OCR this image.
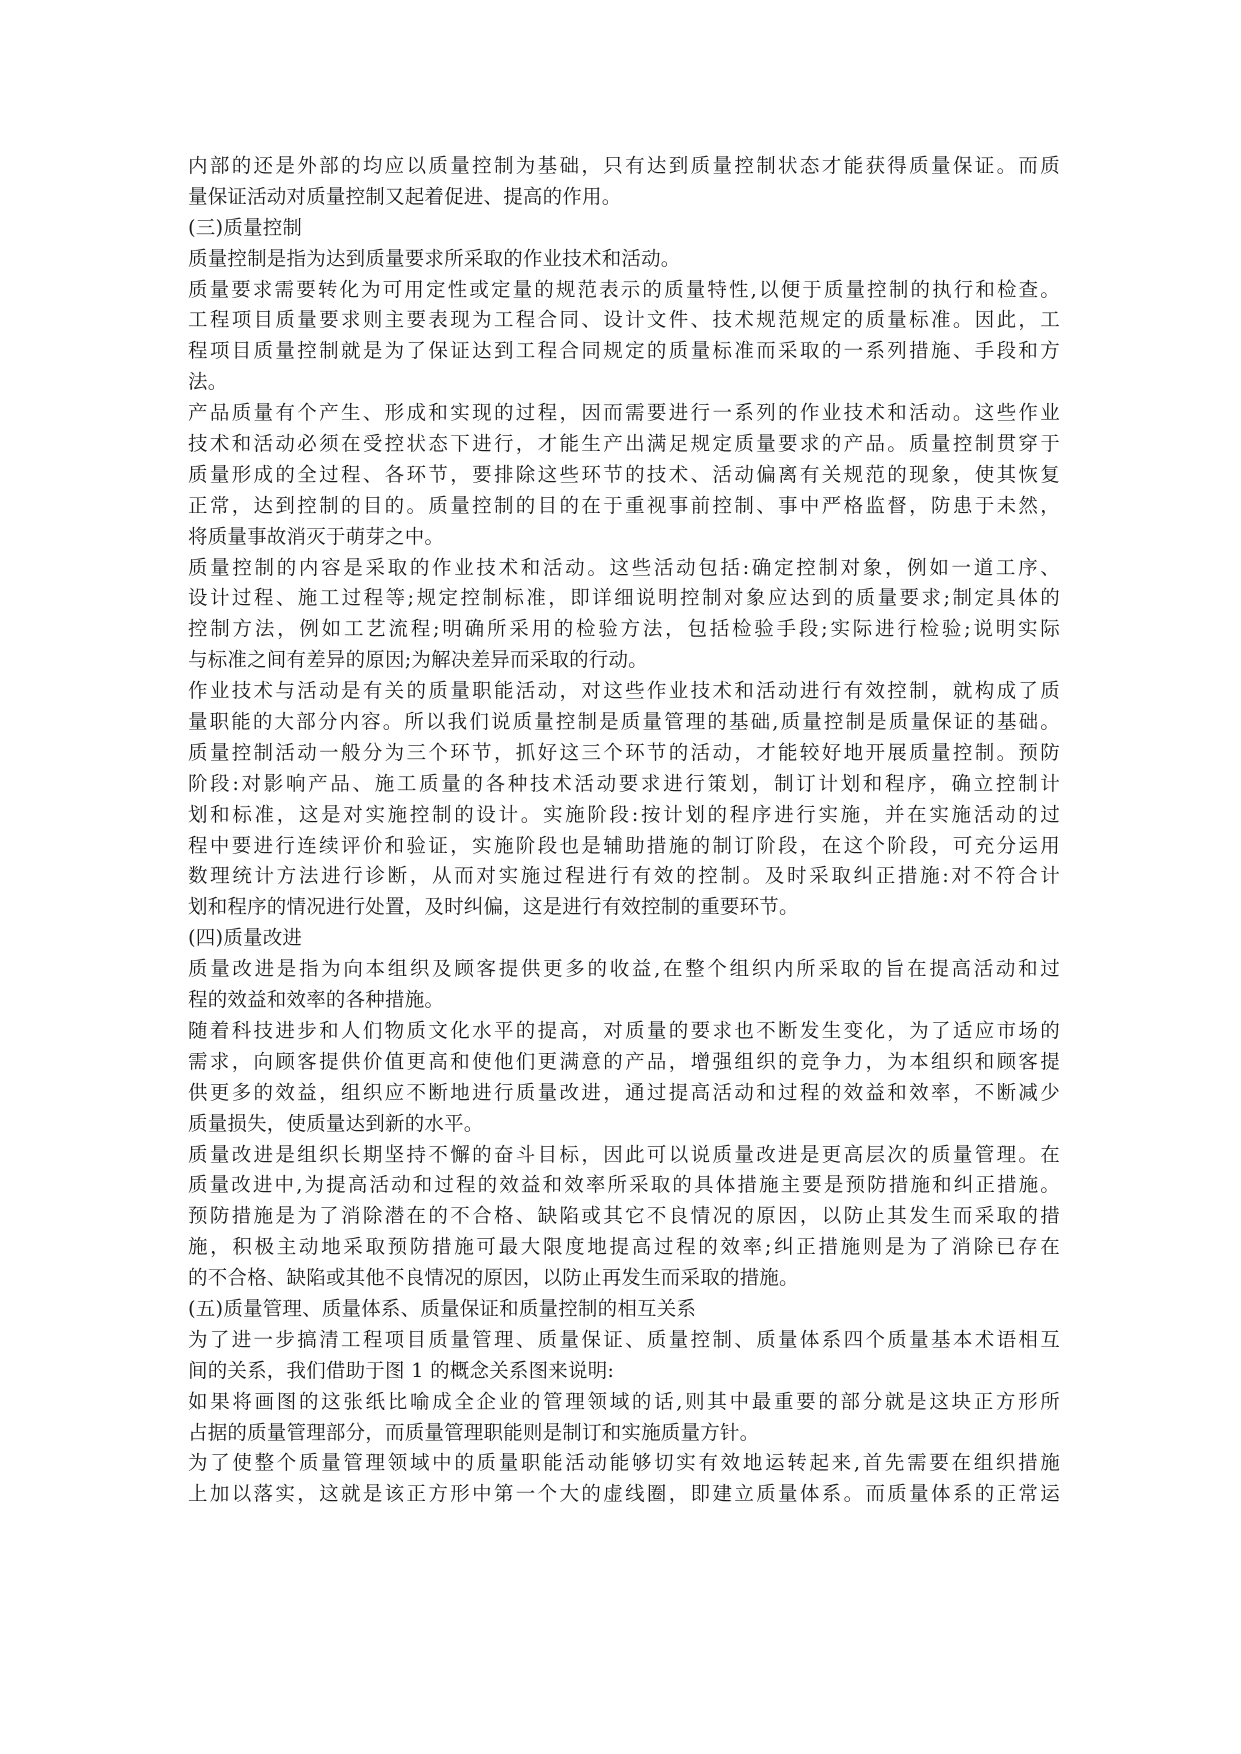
内部的还是外部的均应以质量控制为基础，只有达到质量控制状态才能获得质量保证。而质
量保证活动对质量控制又起着促进、提高的作用。
(三)质量控制
质量控制是指为达到质量要求所采取的作业技术和活动。
质量要求需要转化为可用定性或定量的规范表示的质量特性,以便于质量控制的执行和检查。
工程项目质量要求则主要表现为工程合同、设计文件、技术规范规定的质量标准。因此，工
程项目质量控制就是为了保证达到工程合同规定的质量标准而采取的一系列措施、手段和方
法。
产品质量有个产生、形成和实现的过程，因而需要进行一系列的作业技术和活动。这些作业
技术和活动必须在受控状态下进行，才能生产出满足规定质量要求的产品。质量控制贯穿于
质量形成的全过程、各环节，要排除这些环节的技术、活动偏离有关规范的现象，使其恢复
正常，达到控制的目的。质量控制的目的在于重视事前控制、事中严格监督，防患于未然，
将质量事故消灭于萌芽之中。
质量控制的内容是采取的作业技术和活动。这些活动包括:确定控制对象，例如一道工序、
设计过程、施工过程等;规定控制标准，即详细说明控制对象应达到的质量要求;制定具体的
控制方法，例如工艺流程;明确所采用的检验方法，包括检验手段;实际进行检验;说明实际
与标准之间有差异的原因;为解决差异而采取的行动。
作业技术与活动是有关的质量职能活动，对这些作业技术和活动进行有效控制，就构成了质
量职能的大部分内容。所以我们说质量控制是质量管理的基础,质量控制是质量保证的基础。
质量控制活动一般分为三个环节，抓好这三个环节的活动，才能较好地开展质量控制。预防
阶段:对影响产品、施工质量的各种技术活动要求进行策划，制订计划和程序，确立控制计
划和标准，这是对实施控制的设计。实施阶段:按计划的程序进行实施，并在实施活动的过
程中要进行连续评价和验证，实施阶段也是辅助措施的制订阶段，在这个阶段，可充分运用
数理统计方法进行诊断，从而对实施过程进行有效的控制。及时采取纠正措施:对不符合计
划和程序的情况进行处置，及时纠偏，这是进行有效控制的重要环节。
(四)质量改进
质量改进是指为向本组织及顾客提供更多的收益,在整个组织内所采取的旨在提高活动和过
程的效益和效率的各种措施。
随着科技进步和人们物质文化水平的提高，对质量的要求也不断发生变化，为了适应市场的
需求，向顾客提供价值更高和使他们更满意的产品，增强组织的竞争力，为本组织和顾客提
供更多的效益，组织应不断地进行质量改进，通过提高活动和过程的效益和效率，不断减少
质量损失，使质量达到新的水平。
质量改进是组织长期坚持不懈的奋斗目标，因此可以说质量改进是更高层次的质量管理。在
质量改进中,为提高活动和过程的效益和效率所采取的具体措施主要是预防措施和纠正措施。
预防措施是为了消除潜在的不合格、缺陷或其它不良情况的原因，以防止其发生而采取的措
施，积极主动地采取预防措施可最大限度地提高过程的效率;纠正措施则是为了消除已存在
的不合格、缺陷或其他不良情况的原因，以防止再发生而采取的措施。
(五)质量管理、质量体系、质量保证和质量控制的相互关系
为了进一步搞清工程项目质量管理、质量保证、质量控制、质量体系四个质量基本术语相互
间的关系，我们借助于图 1 的概念关系图来说明:
如果将画图的这张纸比喻成全企业的管理领域的话,则其中最重要的部分就是这块正方形所
占据的质量管理部分，而质量管理职能则是制订和实施质量方针。
为了使整个质量管理领域中的质量职能活动能够切实有效地运转起来,首先需要在组织措施
上加以落实，这就是该正方形中第一个大的虚线圈，即建立质量体系。而质量体系的正常运
